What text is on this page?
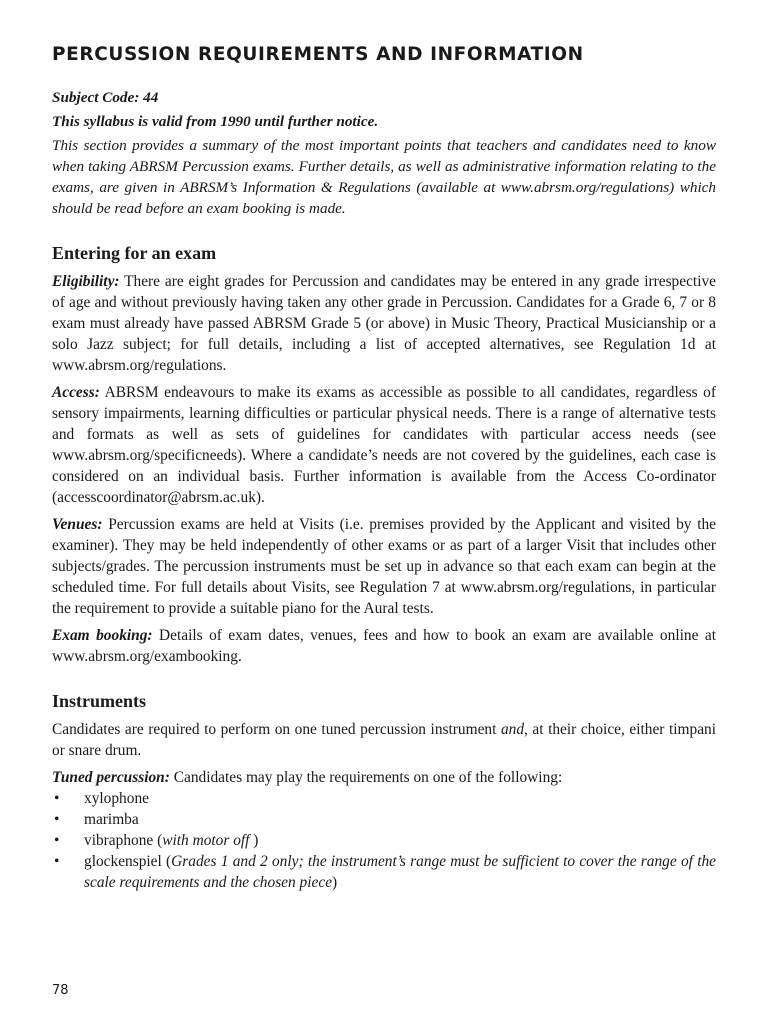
PERCUSSION REQUIREMENTS AND INFORMATION

Subject Code: 44

This syllabus is valid from 1990 until further notice.

This section provides a summary of the most important points that teachers and candidates need to know when taking ABRSM Percussion exams. Further details, as well as administrative information relating to the exams, are given in ABRSM’s Information & Regulations (available at www.abrsm.org/regulations) which should be read before an exam booking is made.

Entering for an exam

Eligibility: There are eight grades for Percussion and candidates may be entered in any grade irrespective of age and without previously having taken any other grade in Percussion. Candidates for a Grade 6, 7 or 8 exam must already have passed ABRSM Grade 5 (or above) in Music Theory, Practical Musicianship or a solo Jazz subject; for full details, including a list of accepted alternatives, see Regulation 1d at www.abrsm.org/regulations.

Access: ABRSM endeavours to make its exams as accessible as possible to all candidates, regardless of sensory impairments, learning difficulties or particular physical needs. There is a range of alternative tests and formats as well as sets of guidelines for candidates with particular access needs (see www.abrsm.org/specificneeds). Where a candidate’s needs are not covered by the guidelines, each case is considered on an individual basis. Further information is available from the Access Co-ordinator (accesscoordinator@abrsm.ac.uk).

Venues: Percussion exams are held at Visits (i.e. premises provided by the Applicant and visited by the examiner). They may be held independently of other exams or as part of a larger Visit that includes other subjects/grades. The percussion instruments must be set up in advance so that each exam can begin at the scheduled time. For full details about Visits, see Regulation 7 at www.abrsm.org/regulations, in particular the requirement to provide a suitable piano for the Aural tests.

Exam booking: Details of exam dates, venues, fees and how to book an exam are available online at www.abrsm.org/exambooking.

Instruments

Candidates are required to perform on one tuned percussion instrument and, at their choice, either timpani or snare drum.

Tuned percussion: Candidates may play the requirements on one of the following:

• xylophone
• marimba
• vibraphone (with motor off )
• glockenspiel (Grades 1 and 2 only; the instrument’s range must be sufficient to cover the range of the scale requirements and the chosen piece)
78
